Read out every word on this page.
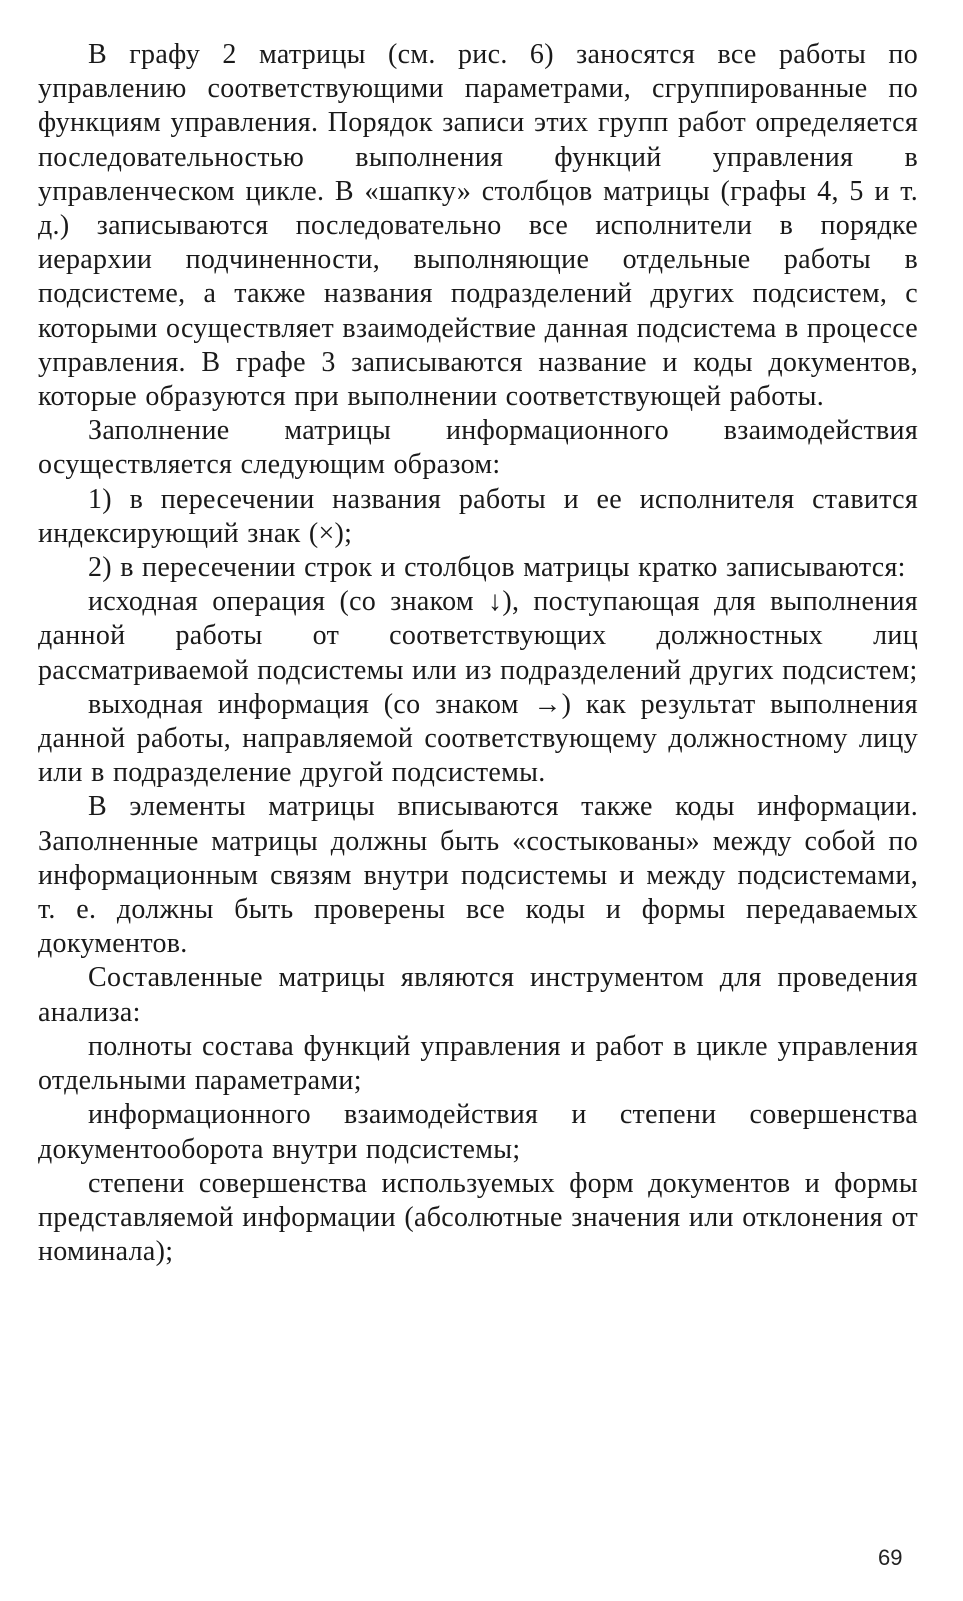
В графу 2 матрицы (см. рис. 6) заносятся все работы по управлению соответствующими параметрами, сгруппированные по функциям управления. Порядок записи этих групп работ определяется последовательностью выполнения функций управления в управленческом цикле. В «шапку» столбцов матрицы (графы 4, 5 и т. д.) записываются последовательно все исполнители в порядке иерархии подчиненности, выполняющие отдельные работы в подсистеме, а также названия подразделений других подсистем, с которыми осуществляет взаимодействие данная подсистема в процессе управления. В графе 3 записываются название и коды документов, которые образуются при выполнении соответствующей работы.

Заполнение матрицы информационного взаимодействия осуществляется следующим образом:

1) в пересечении названия работы и ее исполнителя ставится индексирующий знак (×);

2) в пересечении строк и столбцов матрицы кратко записываются:

исходная операция (со знаком ↓), поступающая для выполнения данной работы от соответствующих должностных лиц рассматриваемой подсистемы или из подразделений других подсистем;

выходная информация (со знаком →) как результат выполнения данной работы, направляемой соответствующему должностному лицу или в подразделение другой подсистемы.

В элементы матрицы вписываются также коды информации. Заполненные матрицы должны быть «состыкованы» между собой по информационным связям внутри подсистемы и между подсистемами, т. е. должны быть проверены все коды и формы передаваемых документов.

Составленные матрицы являются инструментом для проведения анализа:

полноты состава функций управления и работ в цикле управления отдельными параметрами;

информационного взаимодействия и степени совершенства документооборота внутри подсистемы;

степени совершенства используемых форм документов и формы представляемой информации (абсолютные значения или отклонения от номинала);

69
